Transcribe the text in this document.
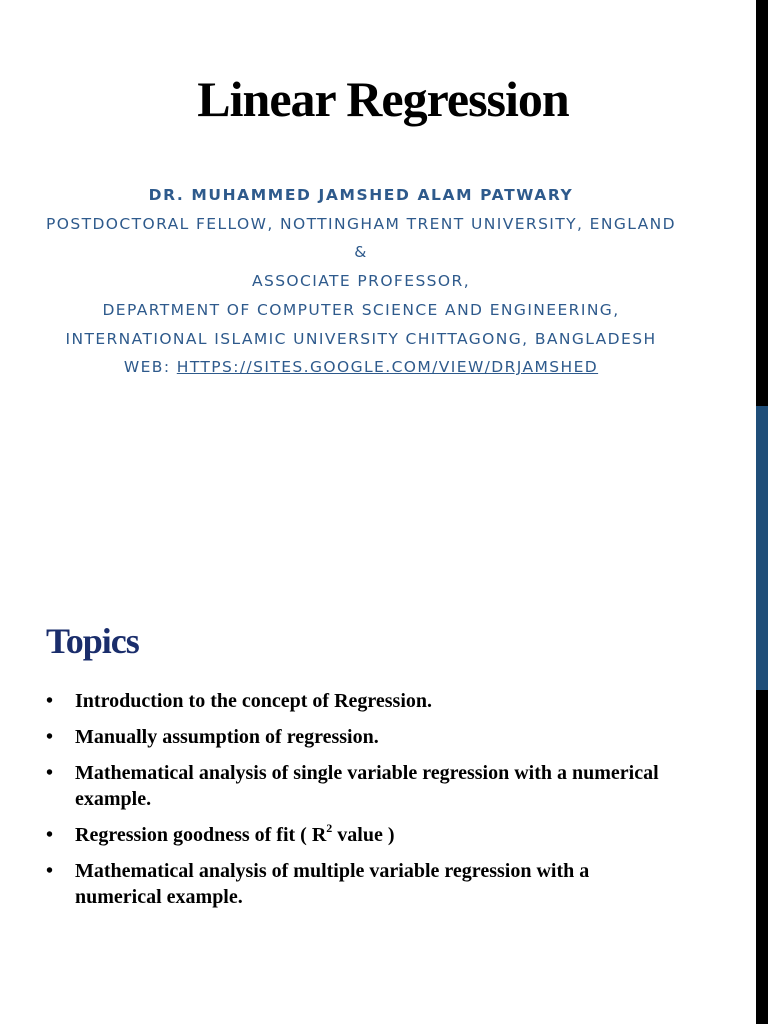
Linear Regression
DR. MUHAMMED JAMSHED ALAM PATWARY
POSTDOCTORAL FELLOW, NOTTINGHAM TRENT UNIVERSITY, ENGLAND
&
ASSOCIATE PROFESSOR,
DEPARTMENT OF COMPUTER SCIENCE AND ENGINEERING,
INTERNATIONAL ISLAMIC UNIVERSITY CHITTAGONG, BANGLADESH
WEB: HTTPS://SITES.GOOGLE.COM/VIEW/DRJAMSHED
Topics
• Introduction to the concept of Regression.
• Manually assumption of regression.
• Mathematical analysis of single variable regression with a numerical example.
• Regression goodness of fit ( $R^2$ value )
• Mathematical analysis of multiple variable regression with a numerical example.
